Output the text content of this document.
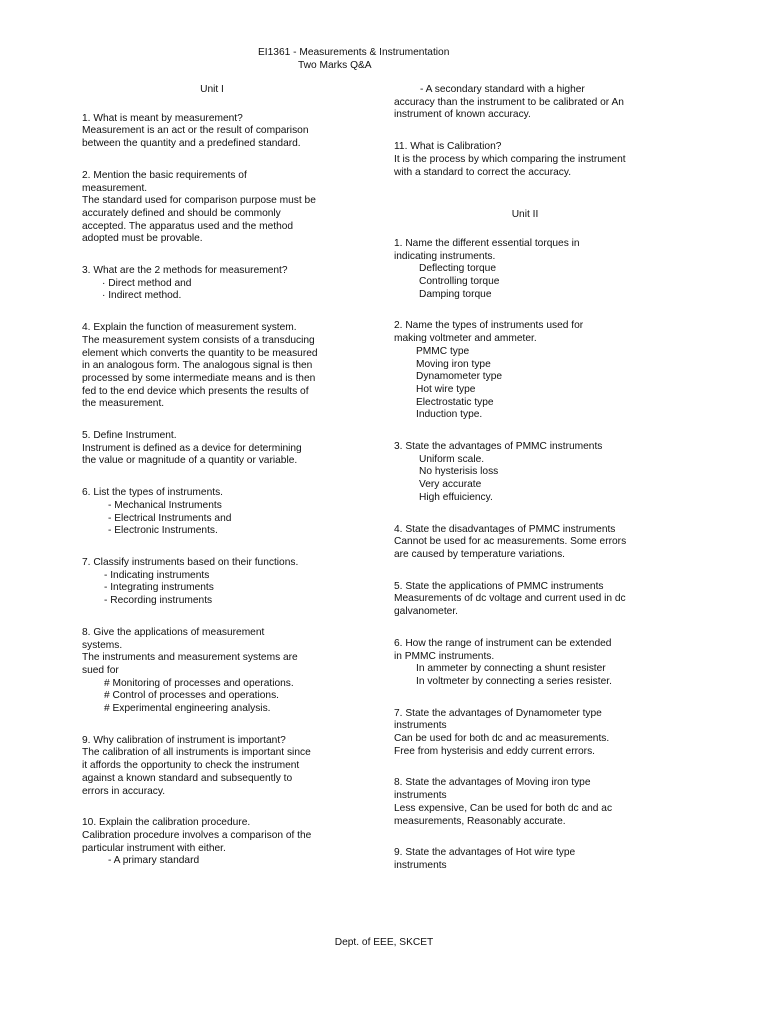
EI1361 - Measurements & Instrumentation
Two Marks Q&A
Unit I
1. What is meant by measurement?
Measurement is an act or the result of comparison
between the quantity and a predefined standard.
2. Mention the basic requirements of
measurement.
The standard used for comparison purpose must be
accurately defined and should be commonly
accepted. The apparatus used and the method
adopted must be provable.
3. What are the 2 methods for measurement?
· Direct method and
· Indirect method.
4. Explain the function of measurement system.
The measurement system consists of a transducing
element which converts the quantity to be measured
in an analogous form. The analogous signal is then
processed by some intermediate means and is then
fed to the end device which presents the results of
the measurement.
5. Define Instrument.
Instrument is defined as a device for determining
the value or magnitude of a quantity or variable.
6. List the types of instruments.
- Mechanical Instruments
- Electrical Instruments and
- Electronic Instruments.
7. Classify instruments based on their functions.
- Indicating instruments
- Integrating instruments
- Recording instruments
8. Give the applications of measurement
systems.
The instruments and measurement systems are
sued for
# Monitoring of processes and operations.
# Control of processes and operations.
# Experimental engineering analysis.
9. Why calibration of instrument is important?
The calibration of all instruments is important since
it affords the opportunity to check the instrument
against a known standard and subsequently to
errors in accuracy.
10. Explain the calibration procedure.
Calibration procedure involves a comparison of the
particular instrument with either.
- A primary standard
- A secondary standard with a higher
accuracy than the instrument to be calibrated or An
instrument of known accuracy.
11. What is Calibration?
It is the process by which comparing the instrument
with a standard to correct the accuracy.
Unit II
1. Name the different essential torques in
indicating instruments.
Deflecting torque
Controlling torque
Damping torque
2. Name the types of instruments used for
making voltmeter and ammeter.
PMMC type
Moving iron type
Dynamometer type
Hot wire type
Electrostatic type
Induction type.
3. State the advantages of PMMC instruments
Uniform scale.
No hysterisis loss
Very accurate
High effuiciency.
4. State the disadvantages of PMMC instruments
Cannot be used for ac measurements. Some errors
are caused by temperature variations.
5. State the applications of PMMC instruments
Measurements of dc voltage and current used in dc
galvanometer.
6. How the range of instrument can be extended
in PMMC instruments.
In ammeter by connecting a shunt resister
In voltmeter by connecting a series resister.
7. State the advantages of Dynamometer type
instruments
Can be used for both dc and ac measurements.
Free from hysterisis and eddy current errors.
8. State the advantages of Moving iron type
instruments
Less expensive, Can be used for both dc and ac
measurements, Reasonably accurate.
9. State the advantages of Hot wire type
instruments
Dept. of EEE, SKCET
